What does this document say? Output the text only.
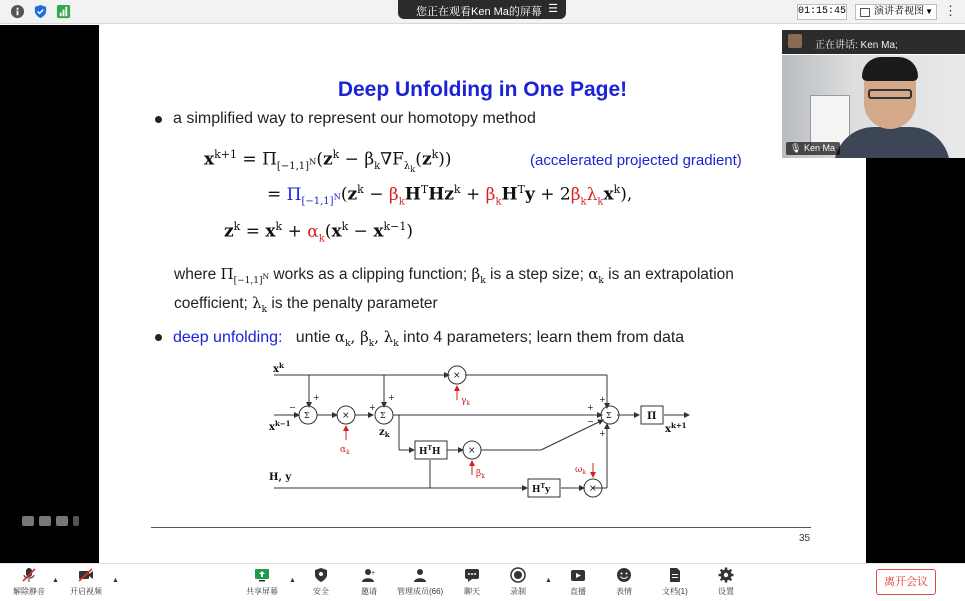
您正在观看Ken Ma的屏幕 ☰	01:15:45	演讲者视图 ▼ ⋮
Deep Unfolding in One Page!
a simplified way to represent our homotopy method
$x^{k+1} = \Pi_{[-1,1]^N}(z^k - \beta_k\nabla F_{\lambda_k}(z^k))$	(accelerated projected gradient)
= $\Pi_{[-1,1]^N}(z^k - \beta_kH^THz^k + \beta_kH^Ty + 2\beta_k\lambda_kx^k)$,
$z^k = x^k + \alpha_k(x^k - x^{k-1})$
where $\Pi_{[-1,1]^N}$ works as a clipping function; $\beta_k$ is a step size; $\alpha_k$ is an extrapolation
coefficient; $\lambda_k$ is the penalty parameter
deep unfolding: untie $\alpha_k$, $\beta_k$, $\lambda_k$ into 4 parameters; learn them from data
$x^k$
$x^{k-1}$
$z_k$
H, y
$H^TH$
$H^Ty$
Π
$x^{k+1}$
Σ	Σ	Σ
×
×
×
×
−
+
+
+
+
+
−
+
$\alpha_k$
$\gamma_k$
$\beta_k$
$\omega_k$
35
正在讲话: Ken Ma;
🎙 Ken Ma
解除静音
▲
开启视频
▲
共享屏幕
▲
安全
+
邀请	管理成员(66)	聊天	录制
▲
直播	表情	文档(1)	设置
离开会议
